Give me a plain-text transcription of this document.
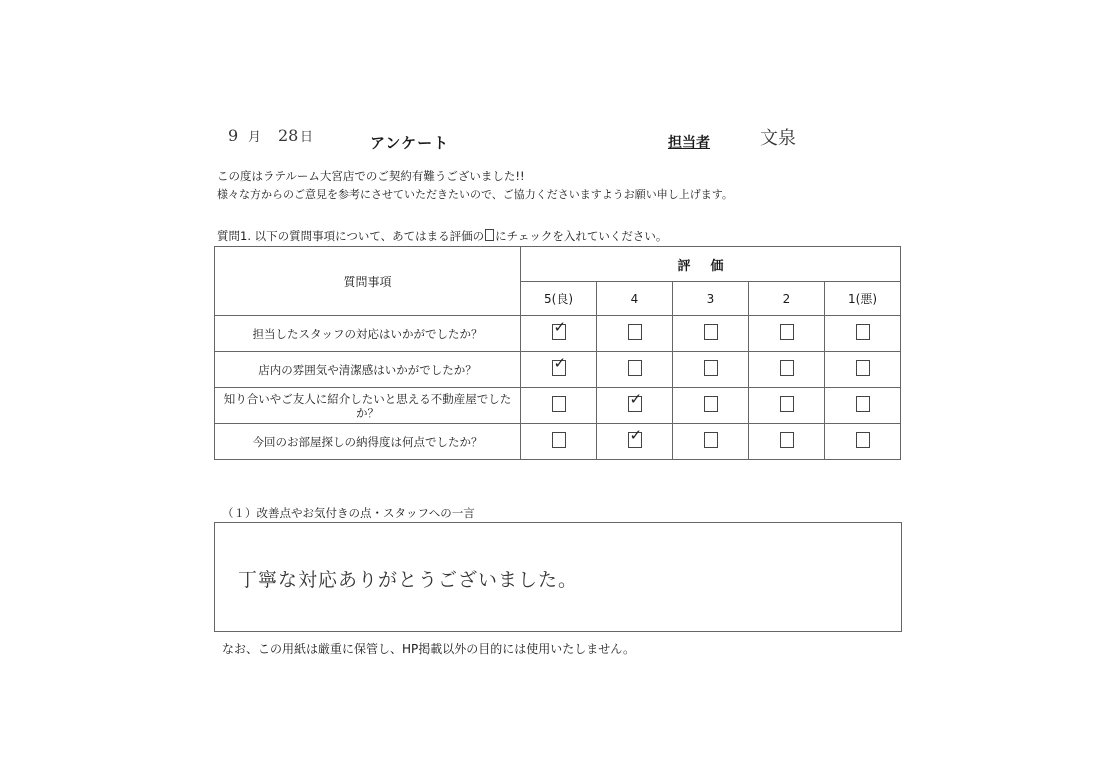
9 月 28 日	アンケート	担当者	文泉
この度はラテルーム大宮店でのご契約有難うございました!!
様々な方からのご意見を参考にさせていただきたいので、ご協力くださいますようお願い申し上げます。
質問1. 以下の質問事項について、あてはまる評価の にチェックを入れていください。
質問事項	評価				
	5(良)	4	3	2	1(悪)
担当したスタッフの対応はいかがでしたか？	✓				

店内の雰囲気や清潔感はいかがでしたか？	✓				

知り合いやご友人に紹介したいと思える不動産屋でしたか？		✓			

今回のお部屋探しの納得度は何点でしたか？		✓			

（１）改善点やお気付きの点・スタッフへの一言
丁寧な対応ありがとうございました。
なお、この用紙は厳重に保管し、HP掲載以外の目的には使用いたしません。
